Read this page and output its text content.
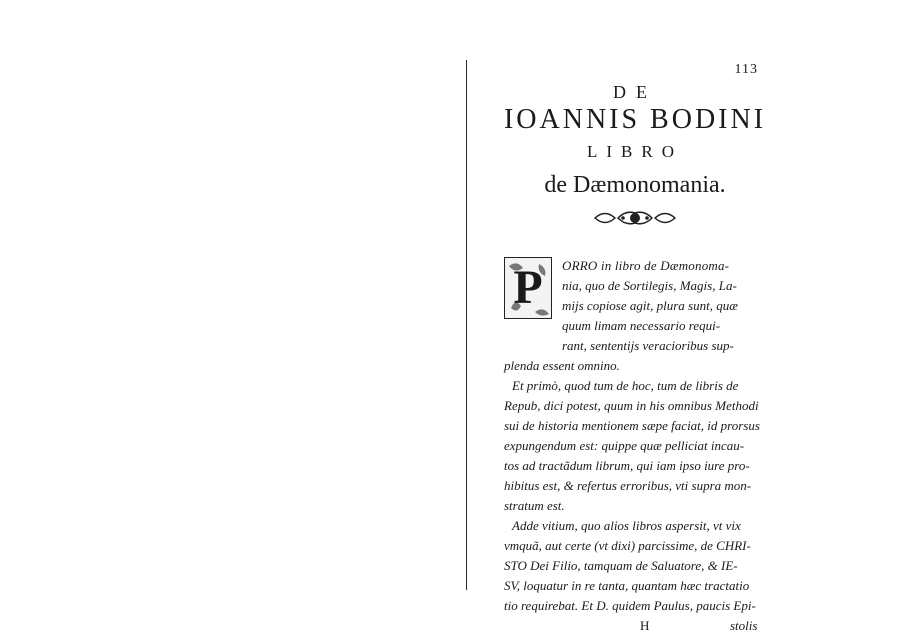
113
DE
IOANNIS BODINI
LIBRO
de Dæmonomania.
P ORRO in libro de Dæmonoma-
nia, quo de Sortilegis, Magis, La-
mijs copiose agit, plura sunt, quæ
quum limam necessario requi-
rant, sententijs veracioribus sup-
plenda essent omnino.
Et primò, quod tum de hoc, tum de libris de
Repub, dici potest, quum in his omnibus Methodi
sui de historia mentionem sæpe faciat, id prorsus
expungendum est: quippe quæ pelliciat incau-
tos ad tractãdum librum, qui iam ipso iure pro-
hibitus est, & refertus erroribus, vti supra mon-
stratum est.
Adde vitium, quo alios libros aspersit, vt vix
vmquã, aut certe (vt dixi) parcissime, de CHRI-
STO Dei Filio, tamquam de Saluatore, & IE-
SV, loquatur in re tanta, quantam hæc tractatio
tio requirebat. Et D. quidem Paulus, paucis Epi-
H	stolis
